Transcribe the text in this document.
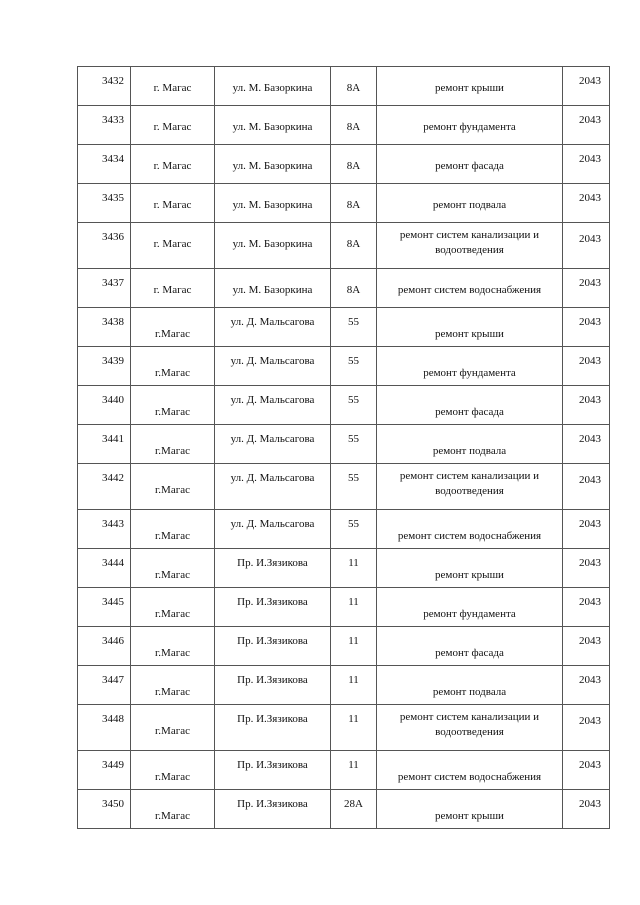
3432	г. Магас	ул. М. Базоркина	8А	ремонт крыши	2043
3433	г. Магас	ул. М. Базоркина	8А	ремонт фундамента	2043
3434	г. Магас	ул. М. Базоркина	8А	ремонт фасада	2043
3435	г. Магас	ул. М. Базоркина	8А	ремонт подвала	2043
3436	г. Магас	ул. М. Базоркина	8А	ремонт систем канализации и водоотведения	2043
3437	г. Магас	ул. М. Базоркина	8А	ремонт систем водоснабжения	2043
3438	г.Магас	ул. Д. Мальсагова	55	ремонт крыши	2043
3439	г.Магас	ул. Д. Мальсагова	55	ремонт фундамента	2043
3440	г.Магас	ул. Д. Мальсагова	55	ремонт фасада	2043
3441	г.Магас	ул. Д. Мальсагова	55	ремонт подвала	2043
3442	г.Магас	ул. Д. Мальсагова	55	ремонт систем канализации и водоотведения	2043
3443	г.Магас	ул. Д. Мальсагова	55	ремонт систем водоснабжения	2043
3444	г.Магас	Пр. И.Зязикова	11	ремонт крыши	2043
3445	г.Магас	Пр. И.Зязикова	11	ремонт фундамента	2043
3446	г.Магас	Пр. И.Зязикова	11	ремонт фасада	2043
3447	г.Магас	Пр. И.Зязикова	11	ремонт подвала	2043
3448	г.Магас	Пр. И.Зязикова	11	ремонт систем канализации и водоотведения	2043
3449	г.Магас	Пр. И.Зязикова	11	ремонт систем водоснабжения	2043
3450	г.Магас	Пр. И.Зязикова	28А	ремонт крыши	2043
